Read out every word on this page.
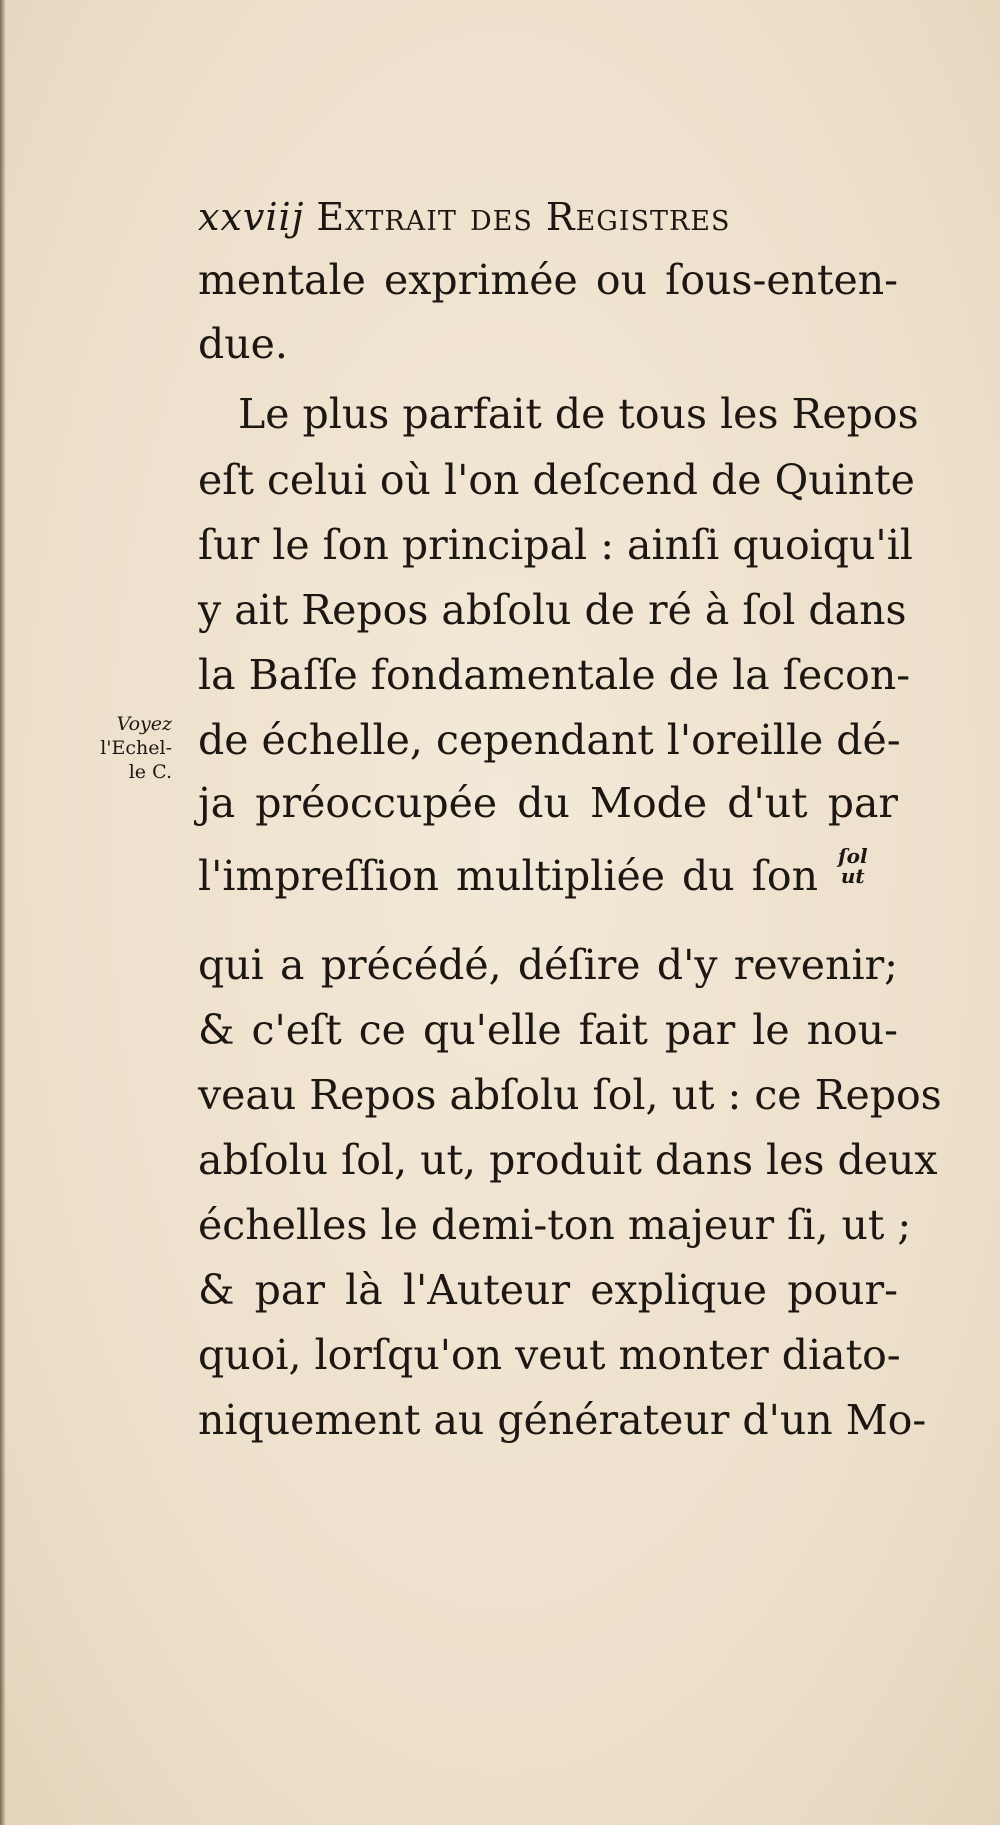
xxviij Extrait des Registres
mentale exprimée ou ſous-enten-
due.
Le plus parfait de tous les Repos
eſt celui où l'on deſcend de Quinte
ſur le ſon principal : ainſi quoiqu'il
y ait Repos abſolu de ré à ſol dans
la Baſſe fondamentale de la ſecon-
de échelle, cependant l'oreille dé-
ja préoccupée du Mode d'ut par
l'impreſſion multipliée du ſon ſol
ut
qui a précédé, déſire d'y revenir;
& c'eſt ce qu'elle fait par le nou-
veau Repos abſolu ſol, ut : ce Repos
abſolu ſol, ut, produit dans les deux
échelles le demi-ton majeur ſi, ut ;
& par là l'Auteur explique pour-
quoi, lorſqu'on veut monter diato-
niquement au générateur d'un Mo-
Voyez
l'Echel-
le C.
